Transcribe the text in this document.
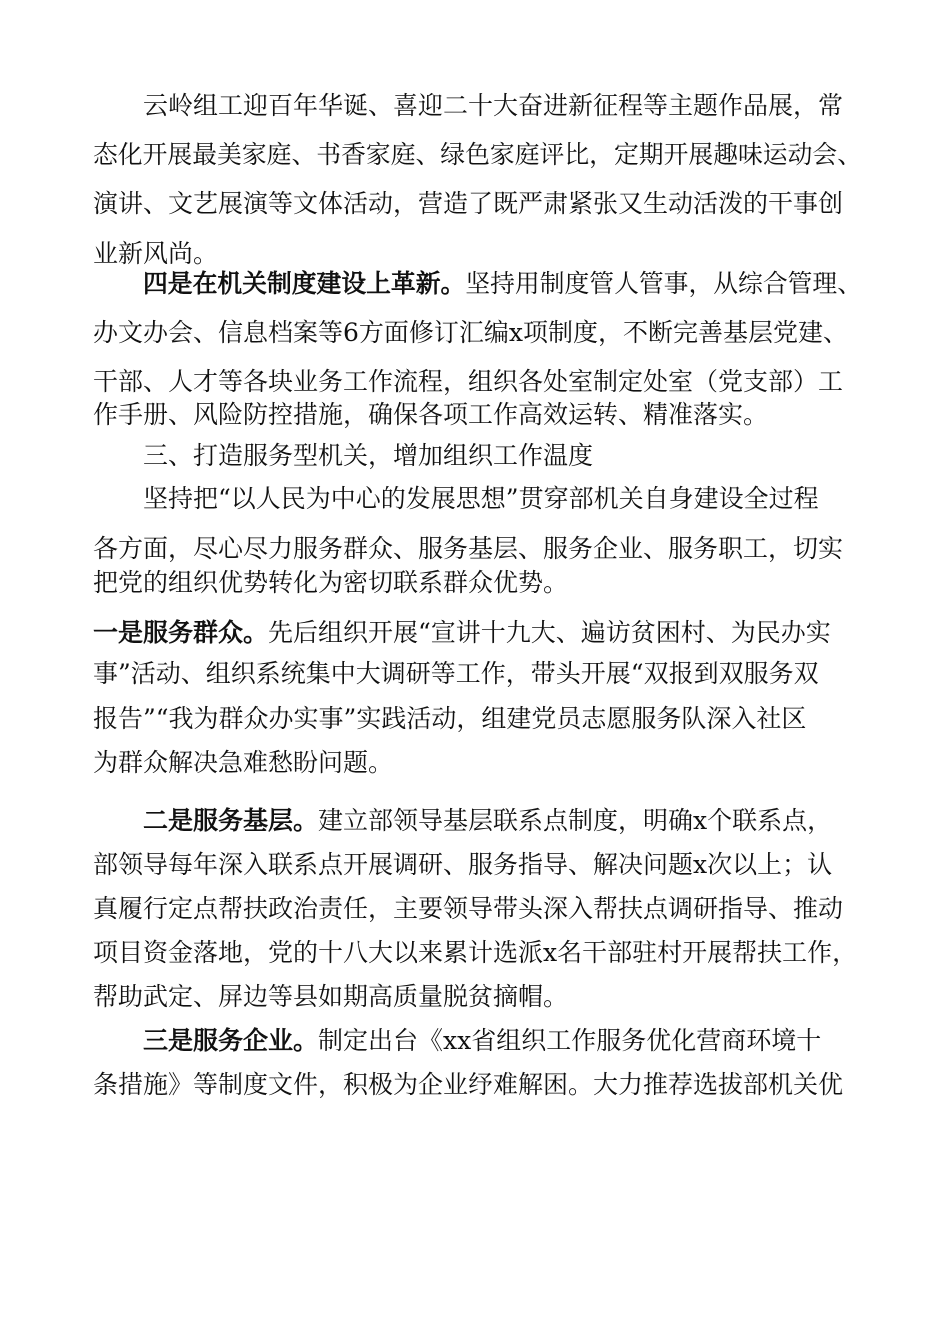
云岭组工迎百年华诞、喜迎二十大奋进新征程等主题作品展，常
态化开展最美家庭、书香家庭、绿色家庭评比，定期开展趣味运动会、
演讲、文艺展演等文体活动，营造了既严肃紧张又生动活泼的干事创
业新风尚。
四是在机关制度建设上革新。坚持用制度管人管事，从综合管理、
办文办会、信息档案等6方面修订汇编x项制度，不断完善基层党建、
干部、人才等各块业务工作流程，组织各处室制定处室（党支部）工
作手册、风险防控措施，确保各项工作高效运转、精准落实。
三、打造服务型机关，增加组织工作温度
坚持把“以人民为中心的发展思想”贯穿部机关自身建设全过程
各方面，尽心尽力服务群众、服务基层、服务企业、服务职工，切实
把党的组织优势转化为密切联系群众优势。
一是服务群众。先后组织开展“宣讲十九大、遍访贫困村、为民办实
事”活动、组织系统集中大调研等工作，带头开展“双报到双服务双
报告”“我为群众办实事”实践活动，组建党员志愿服务队深入社区
为群众解决急难愁盼问题。
二是服务基层。建立部领导基层联系点制度，明确x个联系点，
部领导每年深入联系点开展调研、服务指导、解决问题x次以上；认
真履行定点帮扶政治责任，主要领导带头深入帮扶点调研指导、推动
项目资金落地，党的十八大以来累计选派x名干部驻村开展帮扶工作，
帮助武定、屏边等县如期高质量脱贫摘帽。
三是服务企业。制定出台《xx省组织工作服务优化营商环境十
条措施》等制度文件，积极为企业纾难解困。大力推荐选拔部机关优
